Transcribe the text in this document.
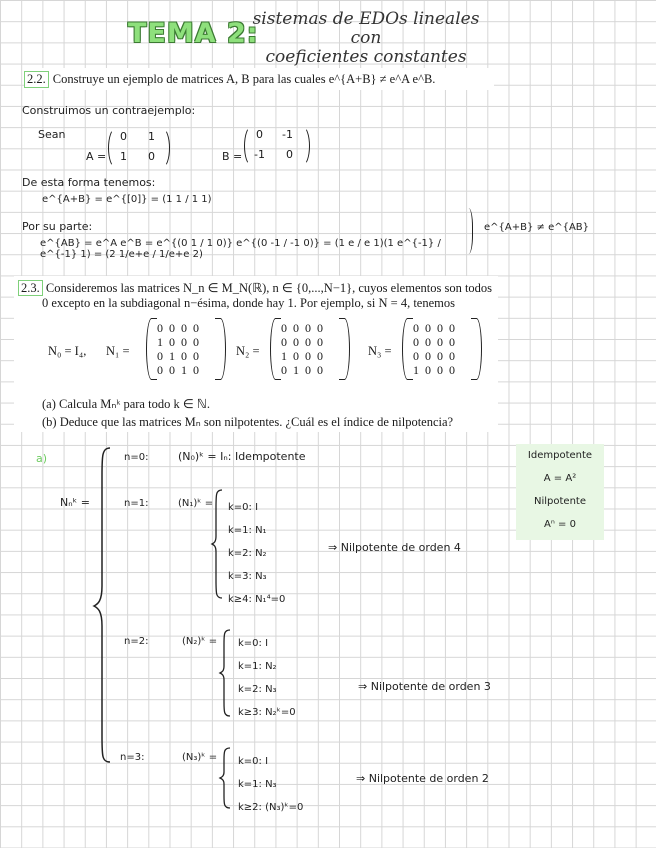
TEMA 2:
sistemas de EDOs lineales con
coeficientes constantes
2.2. Construye un ejemplo de matrices A, B para las cuales e^{A+B} ≠ e^A e^B.
Construimos un contraejemplo:
Sean
A =
0 1
1 0	B =
0 -1
-1 0
De esta forma tenemos:
e^{A+B} = e^{[0]} = (1 1 / 1 1)
Por su parte:
e^{AB} = e^A e^B = e^{(0 1 / 1 0)} e^{(0 -1 / -1 0)} = (1 e / e 1)(1 e^{-1} / e^{-1} 1) = (2 1/e+e / 1/e+e 2)
e^{A+B} ≠ e^{AB}
2.3. Consideremos las matrices N_n ∈ M_N(ℝ), n ∈ {0,...,N−1}, cuyos elementos son todos
0 excepto en la subdiagonal n−ésima, donde hay 1. Por ejemplo, si N = 4, tenemos
N₀ = I₄, N₁ =
0 0 0 0
1 0 0 0
0 1 0 0
0 0 1 0
N₂ =
0 0 0 0
0 0 0 0
1 0 0 0
0 1 0 0
N₃ =
0 0 0 0
0 0 0 0
0 0 0 0
1 0 0 0
(a) Calcula Mₙᵏ para todo k ∈ ℕ.
(b) Deduce que las matrices Mₙ son nilpotentes. ¿Cuál es el índice de nilpotencia?
a)
Nₙᵏ =
n=0:	(N₀)ᵏ = Iₙ: Idempotente
n=1:	(N₁)ᵏ = k=0: I
k=1: N₁
k=2: N₂
k=3: N₃
k≥4: N₁⁴=0
⇒ Nilpotente de orden 4
n=2:	(N₂)ᵏ = k=0: I
k=1: N₂
k=2: N₃
k≥3: N₂ᵏ=0
⇒ Nilpotente de orden 3
n=3:	(N₃)ᵏ = k=0: I
k=1: N₃
k≥2: (N₃)ᵏ=0
⇒ Nilpotente de orden 2
Idempotente
A = A²
Nilpotente
Aⁿ = 0
